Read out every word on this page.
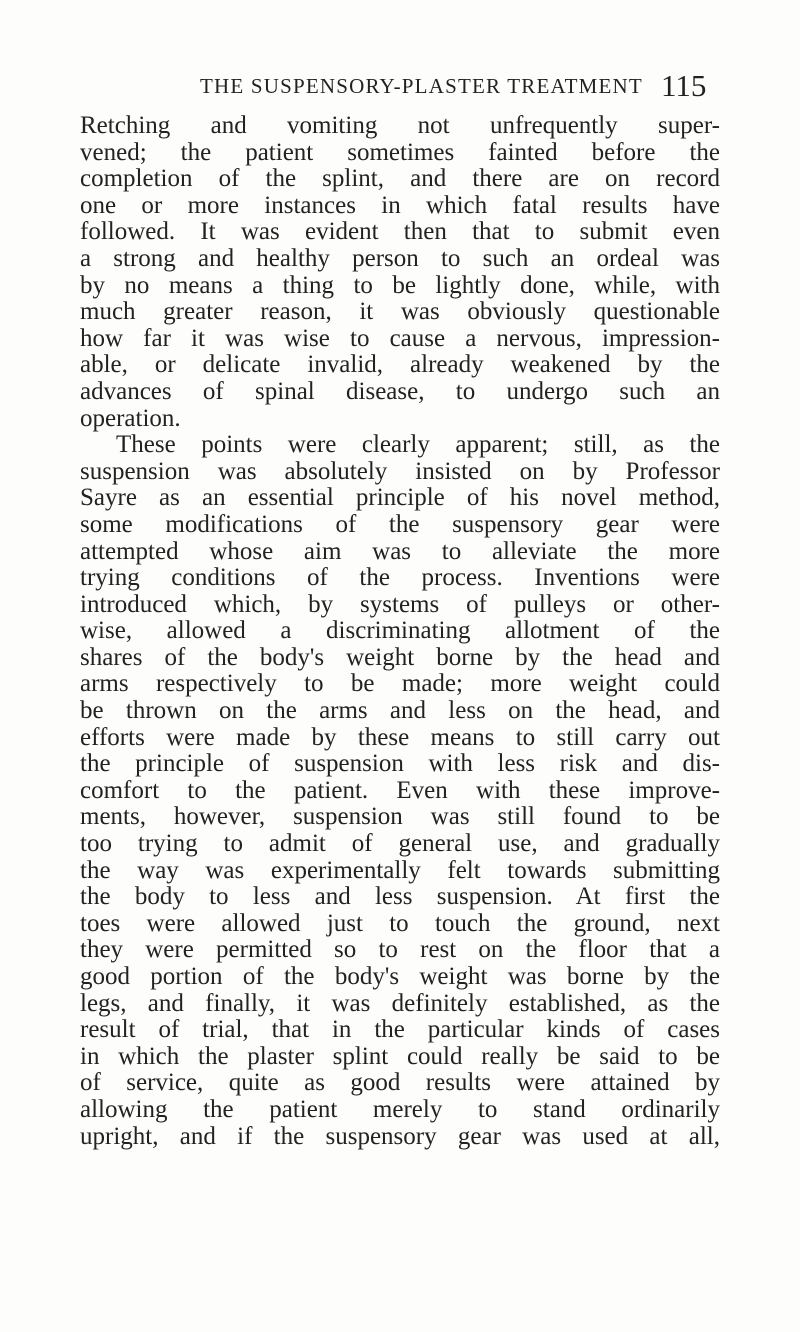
THE SUSPENSORY-PLASTER TREATMENT 115
Retching and vomiting not unfrequently super-
vened; the patient sometimes fainted before the
completion of the splint, and there are on record
one or more instances in which fatal results have
followed. It was evident then that to submit even
a strong and healthy person to such an ordeal was
by no means a thing to be lightly done, while, with
much greater reason, it was obviously questionable
how far it was wise to cause a nervous, impression-
able, or delicate invalid, already weakened by the
advances of spinal disease, to undergo such an
operation.
These points were clearly apparent; still, as the
suspension was absolutely insisted on by Professor
Sayre as an essential principle of his novel method,
some modifications of the suspensory gear were
attempted whose aim was to alleviate the more
trying conditions of the process. Inventions were
introduced which, by systems of pulleys or other-
wise, allowed a discriminating allotment of the
shares of the body's weight borne by the head and
arms respectively to be made; more weight could
be thrown on the arms and less on the head, and
efforts were made by these means to still carry out
the principle of suspension with less risk and dis-
comfort to the patient. Even with these improve-
ments, however, suspension was still found to be
too trying to admit of general use, and gradually
the way was experimentally felt towards submitting
the body to less and less suspension. At first the
toes were allowed just to touch the ground, next
they were permitted so to rest on the floor that a
good portion of the body's weight was borne by the
legs, and finally, it was definitely established, as the
result of trial, that in the particular kinds of cases
in which the plaster splint could really be said to be
of service, quite as good results were attained by
allowing the patient merely to stand ordinarily
upright, and if the suspensory gear was used at all,
